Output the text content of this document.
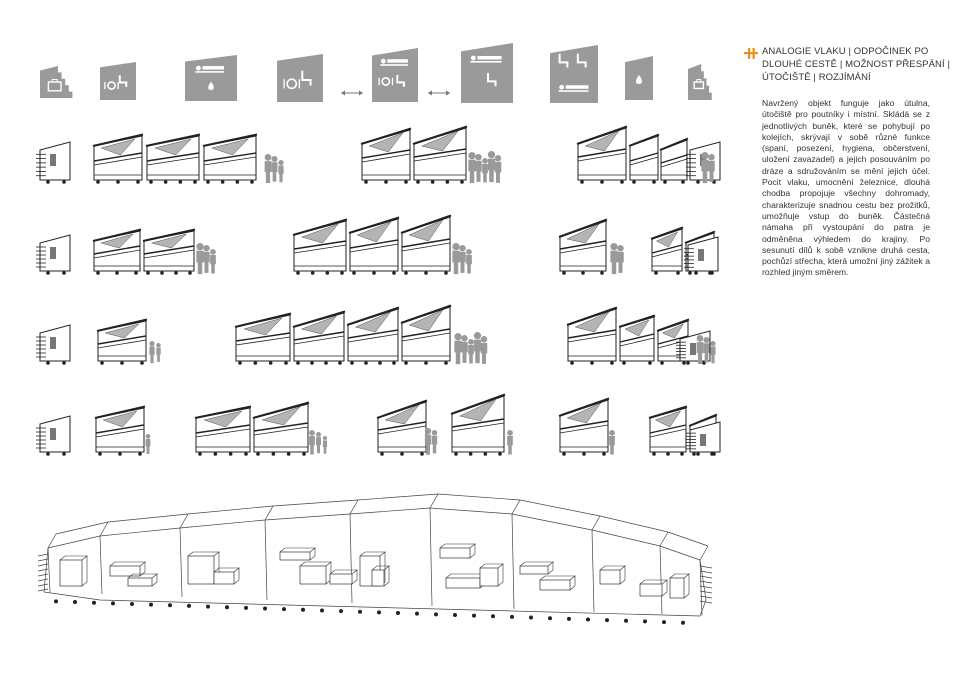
ANALOGIE VLAKU | ODPOČINEK PO
DLOUHÉ CESTĚ | MOŽNOST PŘESPÁNÍ |
ÚTOČIŠTĚ | ROZJÍMÁNÍ
Navržený objekt funguje jako útulna, útočiště pro poutníky i místní. Skládá se z jednotlivých buněk, které se pohybují po kolejích, skrývají v sobě různé funkce (spaní, posezení, hygiena, občerstvení, uložení zavazadel) a jejich posouváním po dráze a sdružováním se mění jejich účel. Pocit vlaku, umocnění železnice, dlouhá chodba propojuje všechny dohromady, charakterizuje snadnou cestu bez prožitků, umožňuje vstup do buněk. Částečná námaha při vystoupání do patra je odměněna výhledem do krajiny. Po sesunutí dílů k sobě vznikne druhá cesta, pochůzí střecha, která umožní jiný zážitek a rozhled jiným směrem.
